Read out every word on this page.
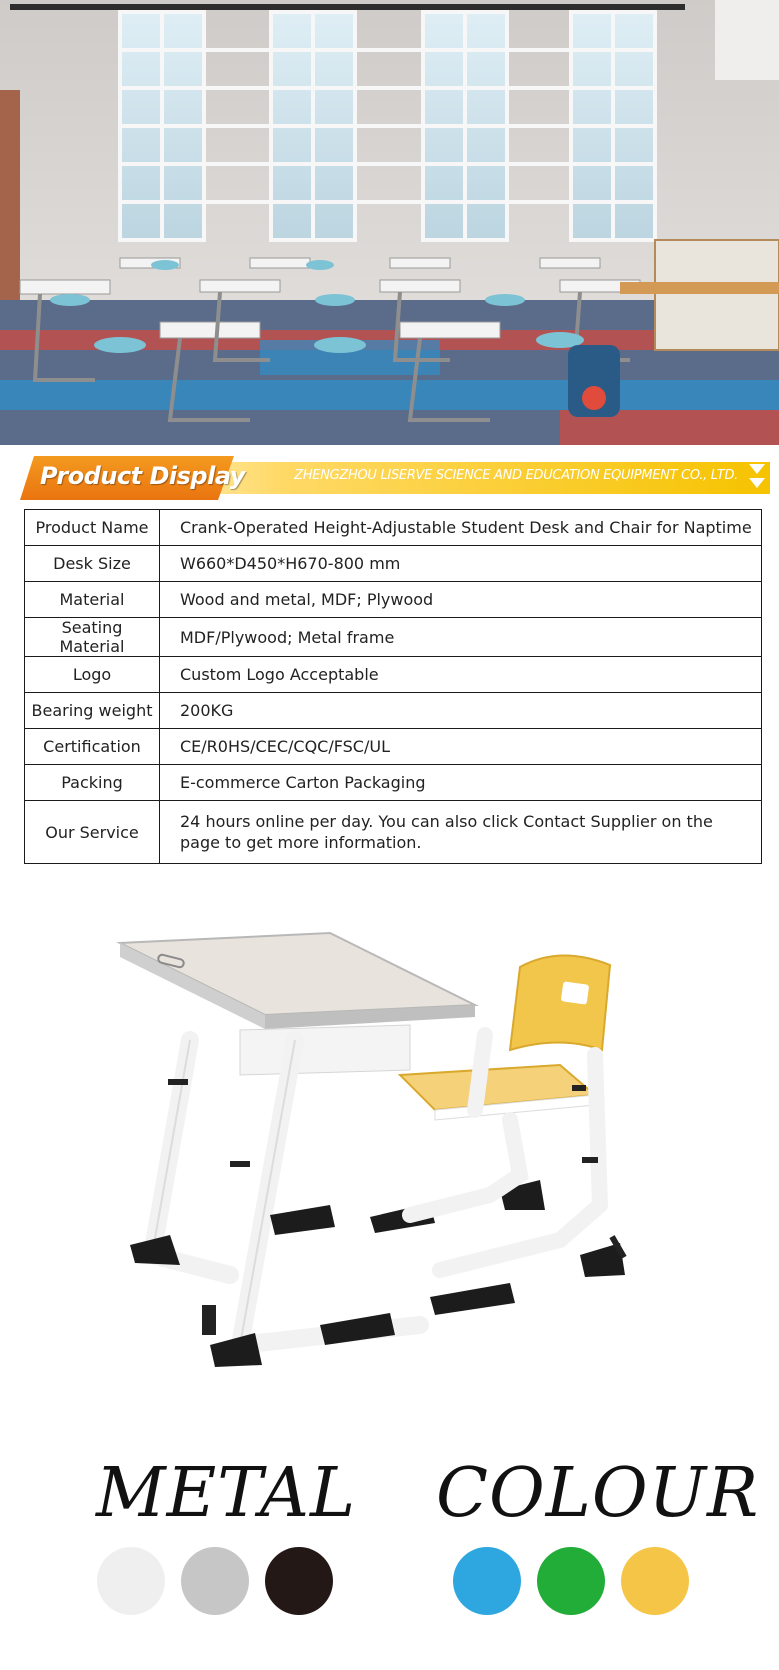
Product Display	ZHENGZHOU LISERVE SCIENCE AND EDUCATION EQUIPMENT CO., LTD.
Product Name	Crank-Operated Height-Adjustable Student Desk and Chair for Naptime
Desk Size	W660*D450*H670-800 mm
Material	Wood and metal, MDF; Plywood
Seating Material	MDF/Plywood; Metal frame
Logo	Custom Logo Acceptable
Bearing weight	200KG
Certification	CE/R0HS/CEC/CQC/FSC/UL
Packing	E-commerce Carton Packaging
Our Service	24 hours online per day. You can also click Contact Supplier on the page to get more information.
METAL COLOUR
